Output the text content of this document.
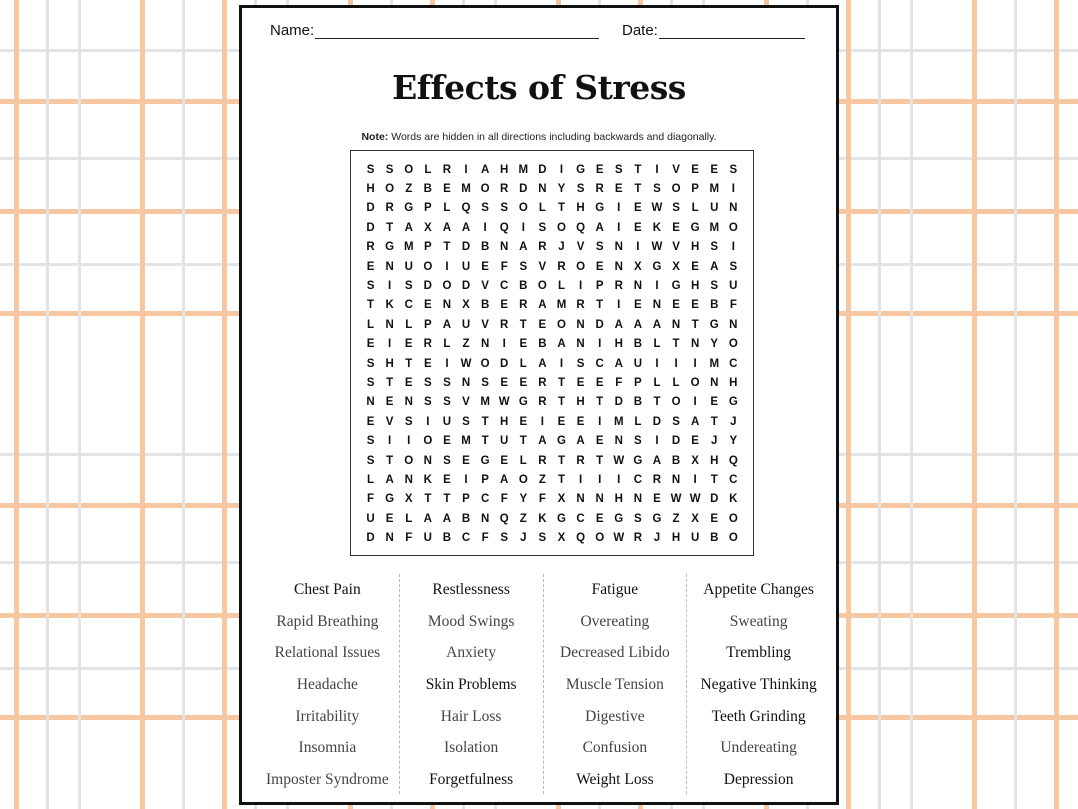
Name:	Date:
Effects of Stress
Note: Words are hidden in all directions including backwards and diagonally.
S S O L R	I	A H M D	I	G E S	T	I	V E E S
H O Z B E M O R D N Y S R E	T	S O P M	I
D R G P	L Q S S O L	T H G	I	E W S	L U N
D T A X A A	I	Q	I	S O Q A	I	E K E G M O
R G M P	T D B N A R	J	V S N	I	W V H S	I
E N U O	I	U E	F	S V R O E N X G X E A S
S	I	S D O D V C B O L	I	P R N	I	G H S U
T K C E N X B E R A M R T	I	E N E E B F
L N L	P A U V R T	E O N D A A A N T G N
E	I	E R L	Z N	I	E B A N	I	H B L	T N Y O
S H T	E	I	W O D L A	I	S C A U	I	I	I	M C
S	T	E S S N S E E R T	E E	F	P	L	L O N H
N E N S S V M W G R T H T D B T O	I	E G
E V S	I	U S	T H E	I	E E	I	M L D S A T	J
S	I	I	O E M T U T A G A E N S	I	D E	J	Y
S	T O N S E G E	L R T R T W G A B X H Q
L A N K E	I	P A O Z	T	I	I	I	C R N	I	T C
F G X	T	T	P C F	Y	F	X N N H N E W W D K
U E	L A A B N Q Z K G C E G S G Z	X E O
D N F U B C F	S	J	S X Q O W R	J	H U B O
Chest Pain
Rapid Breathing
Relational Issues
Headache
Irritability
Insomnia
Imposter Syndrome
Restlessness
Mood Swings
Anxiety
Skin Problems
Hair Loss
Isolation
Forgetfulness
Fatigue
Overeating
Decreased Libido
Muscle Tension
Digestive
Confusion
Weight Loss
Appetite Changes
Sweating
Trembling
Negative Thinking
Teeth Grinding
Undereating
Depression
